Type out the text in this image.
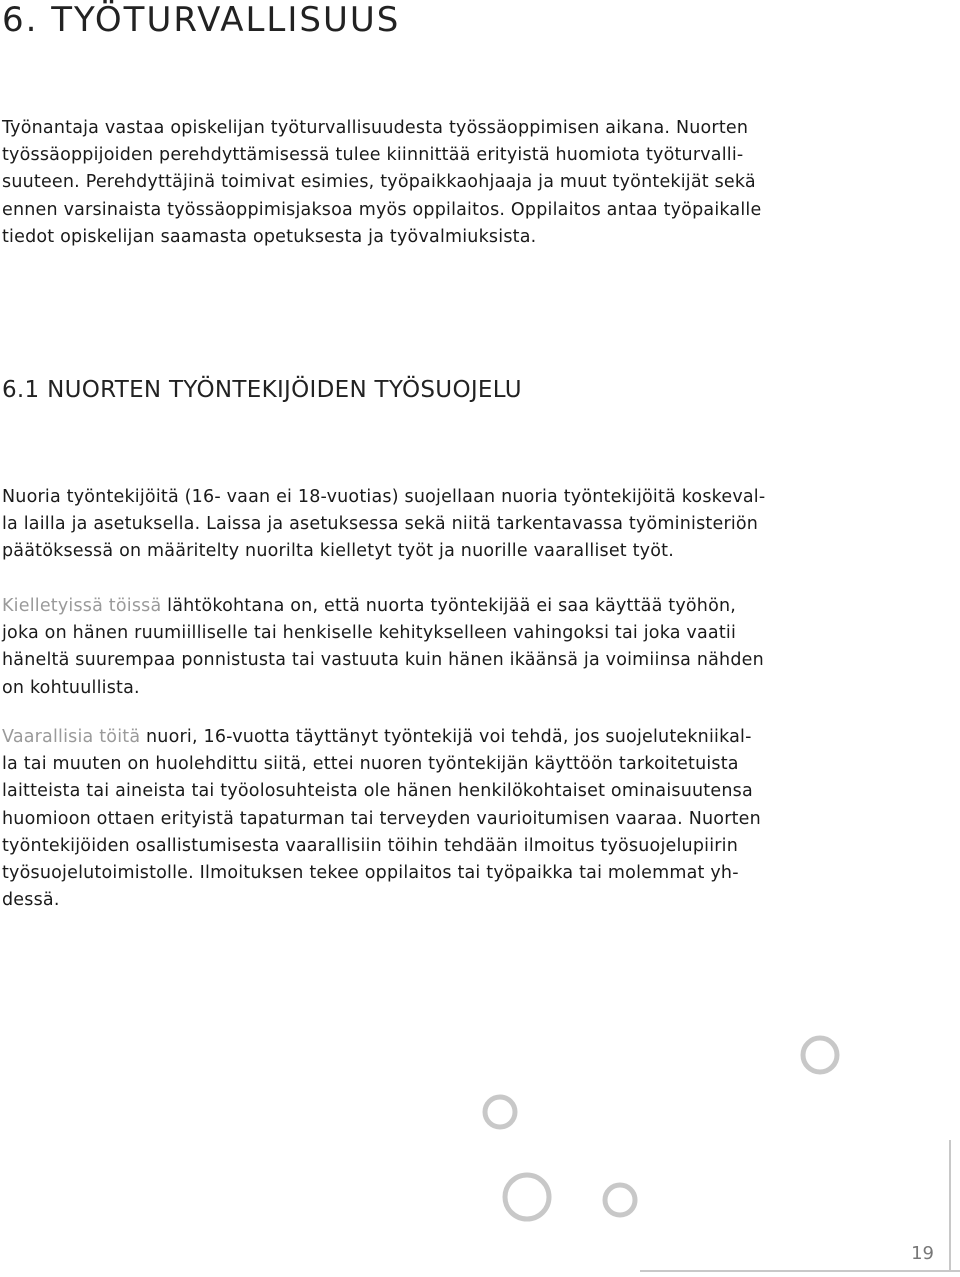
6. TYÖTURVALLISUUS

Työnantaja vastaa opiskelijan työturvallisuudesta työssäoppimisen aikana. Nuorten
työssäoppijoiden perehdyttämisessä tulee kiinnittää erityistä huomiota työturvalli-
suuteen. Perehdyttäjinä toimivat esimies, työpaikkaohjaaja ja muut työntekijät sekä
ennen varsinaista työssäoppimisjaksoa myös oppilaitos. Oppilaitos antaa työpaikalle
tiedot opiskelijan saamasta opetuksesta ja työvalmiuksista.

6.1 NUORTEN TYÖNTEKIJÖIDEN TYÖSUOJELU

Nuoria työntekijöitä (16- vaan ei 18-vuotias) suojellaan nuoria työntekijöitä koskeval-
la lailla ja asetuksella. Laissa ja asetuksessa sekä niitä tarkentavassa työministeriön
päätöksessä on määritelty nuorilta kielletyt työt ja nuorille vaaralliset työt.

Kielletyissä töissä lähtökohtana on, että nuorta työntekijää ei saa käyttää työhön,
joka on hänen ruumiilliselle tai henkiselle kehitykselleen vahingoksi tai joka vaatii
häneltä suurempaa ponnistusta tai vastuuta kuin hänen ikäänsä ja voimiinsa nähden
on kohtuullista.

Vaarallisia töitä nuori, 16-vuotta täyttänyt työntekijä voi tehdä, jos suojelutekniikal-
la tai muuten on huolehdittu siitä, ettei nuoren työntekijän käyttöön tarkoitetuista
laitteista tai aineista tai työolosuhteista ole hänen henkilökohtaiset ominaisuutensa
huomioon ottaen erityistä tapaturman tai terveyden vaurioitumisen vaaraa. Nuorten
työntekijöiden osallistumisesta vaarallisiin töihin tehdään ilmoitus työsuojelupiirin
työsuojelutoimistolle. Ilmoituksen tekee oppilaitos tai työpaikka tai molemmat yh-
dessä.

19
